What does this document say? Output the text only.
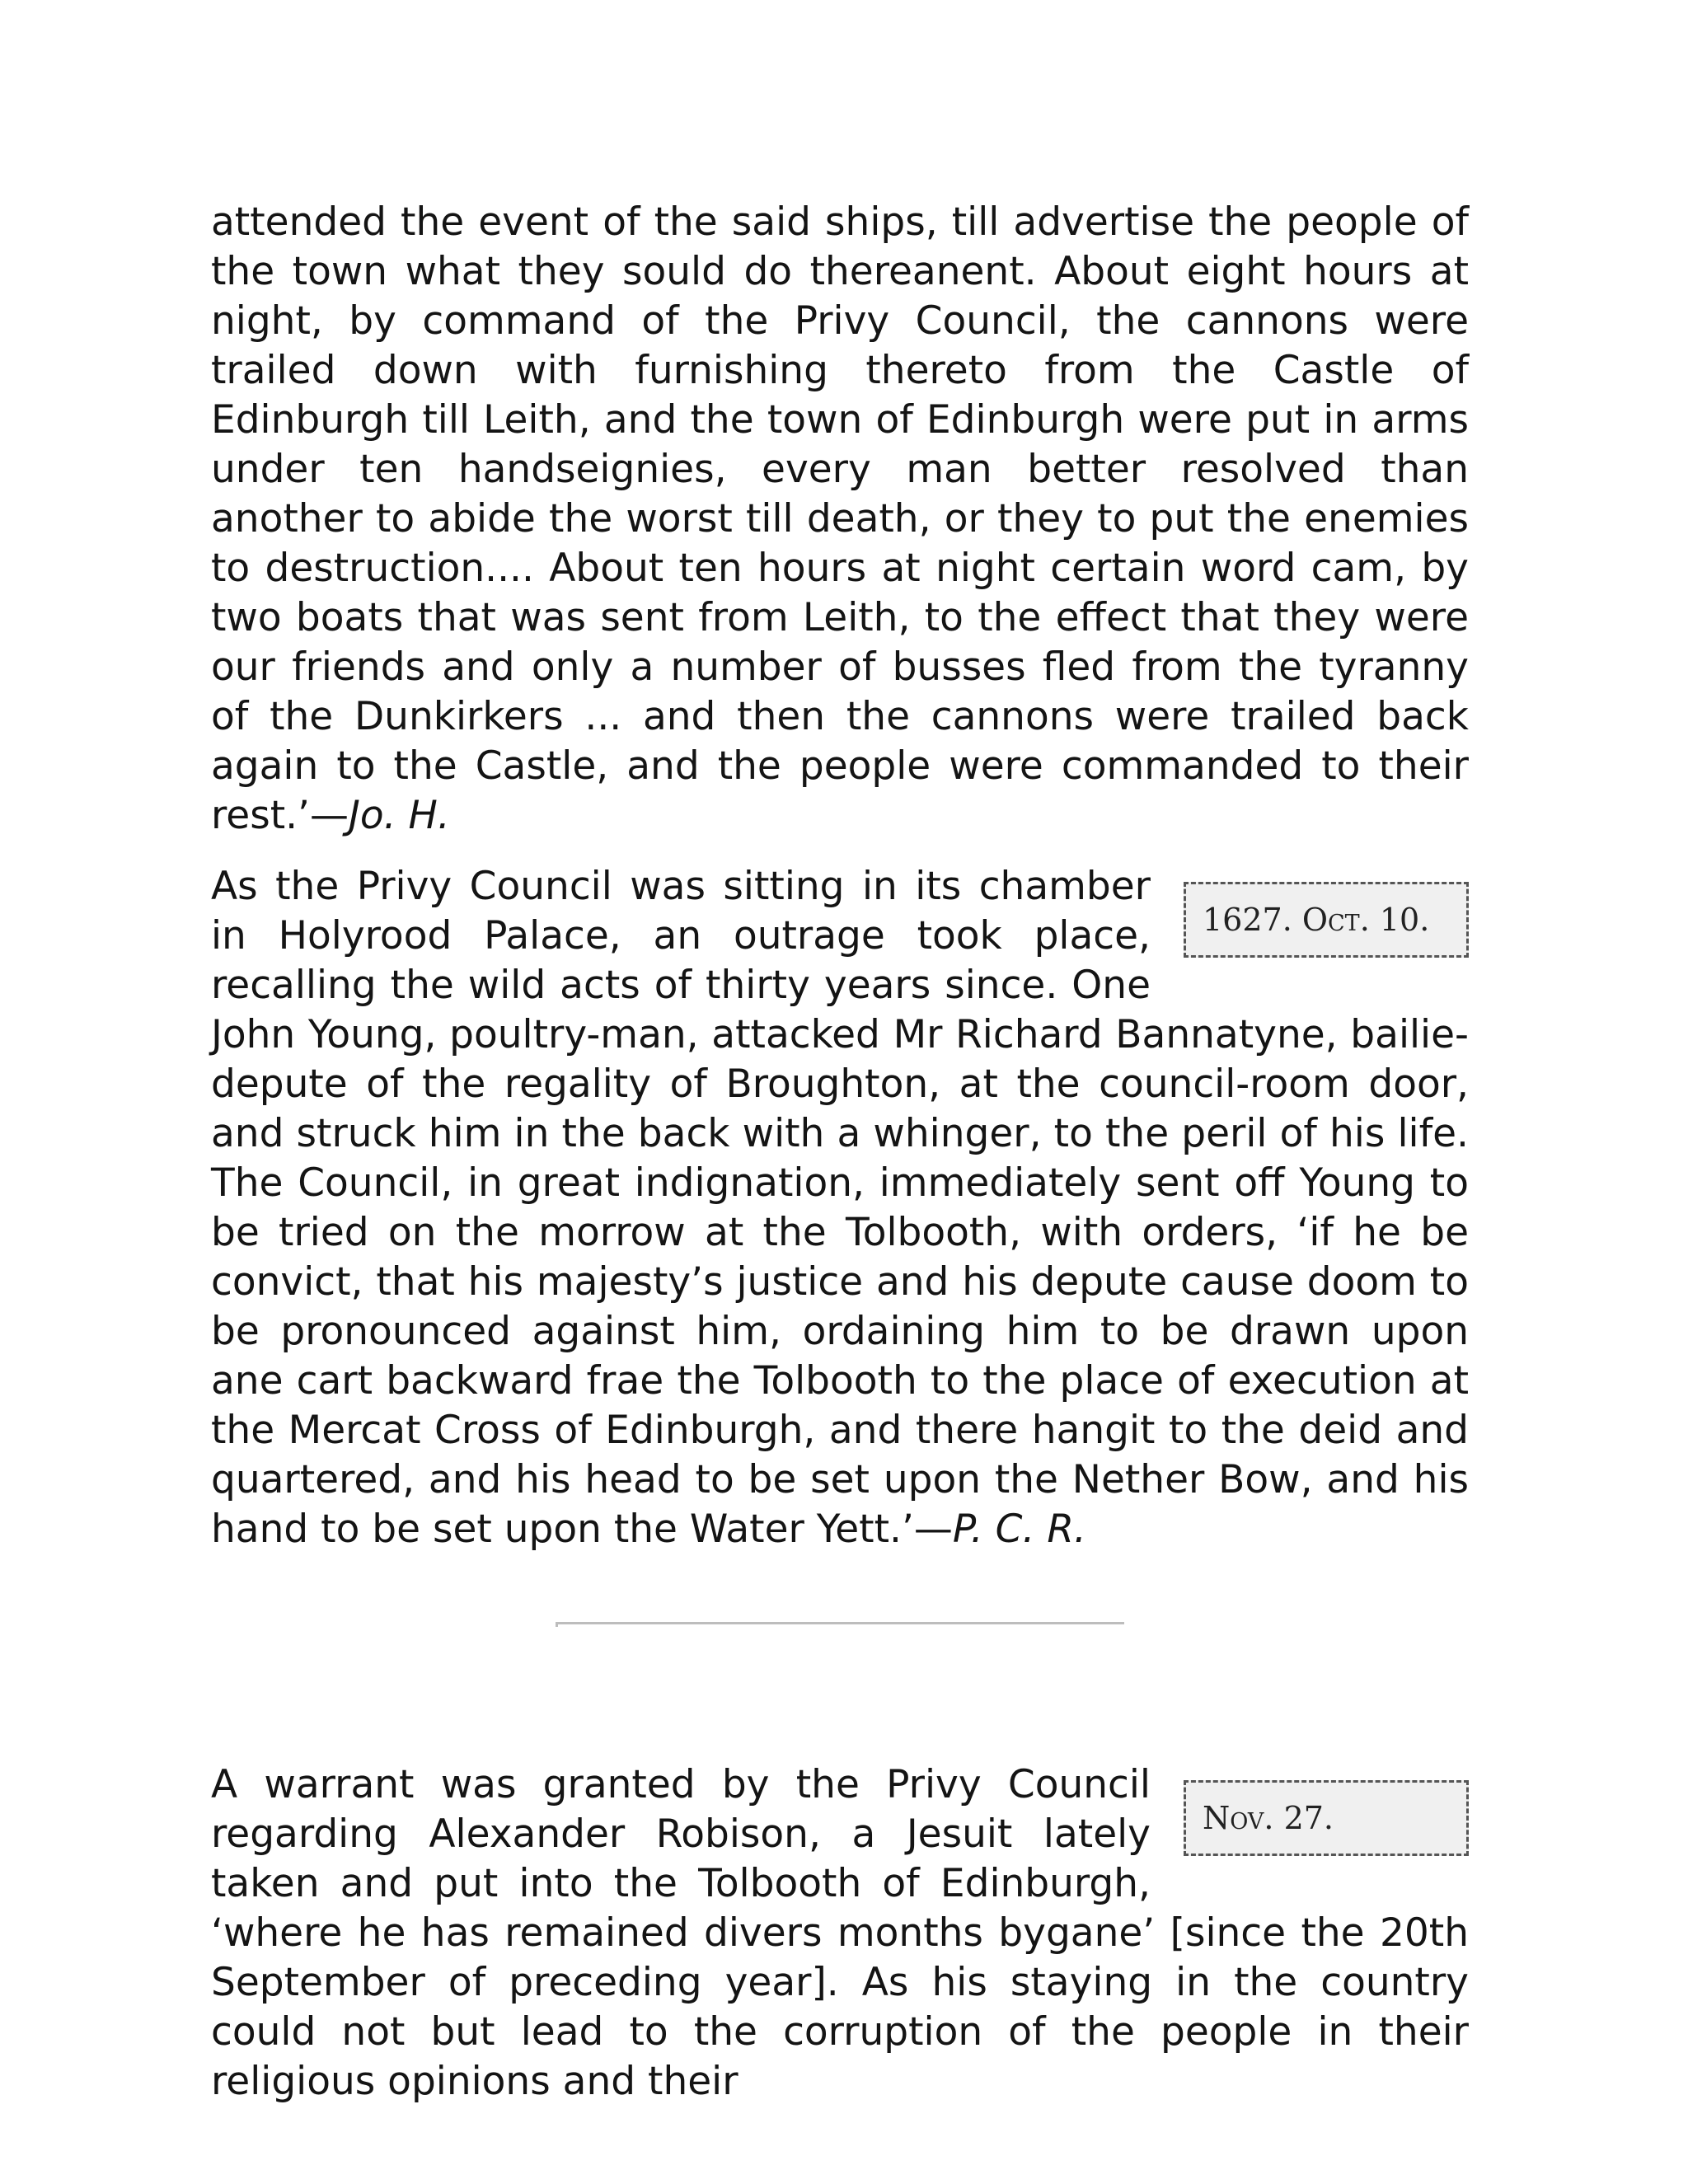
attended the event of the said ships, till advertise the people of the town what they sould do thereanent. About eight hours at night, by command of the Privy Council, the cannons were trailed down with furnishing thereto from the Castle of Edinburgh till Leith, and the town of Edinburgh were put in arms under ten handseignies, every man better resolved than another to abide the worst till death, or they to put the enemies to destruction.... About ten hours at night certain word cam, by two boats that was sent from Leith, to the effect that they were our friends and only a number of busses fled from the tyranny of the Dunkirkers ... and then the cannons were trailed back again to the Castle, and the people were commanded to their rest.’—Jo. H.

1627. Oct. 10.
As the Privy Council was sitting in its chamber in Holyrood Palace, an outrage took place, recalling the wild acts of thirty years since. One John Young, poultry-man, attacked Mr Richard Bannatyne, bailie-depute of the regality of Broughton, at the council-room door, and struck him in the back with a whinger, to the peril of his life. The Council, in great indignation, immediately sent off Young to be tried on the morrow at the Tolbooth, with orders, ‘if he be convict, that his majesty’s justice and his depute cause doom to be pronounced against him, ordaining him to be drawn upon ane cart backward frae the Tolbooth to the place of execution at the Mercat Cross of Edinburgh, and there hangit to the deid and quartered, and his head to be set upon the Nether Bow, and his hand to be set upon the Water Yett.’—P. C. R.

Nov. 27.
A warrant was granted by the Privy Council regarding Alexander Robison, a Jesuit lately taken and put into the Tolbooth of Edinburgh, ‘where he has remained divers months bygane’ [since the 20th September of preceding year]. As his staying in the country could not but lead to the corruption of the people in their religious opinions and their
